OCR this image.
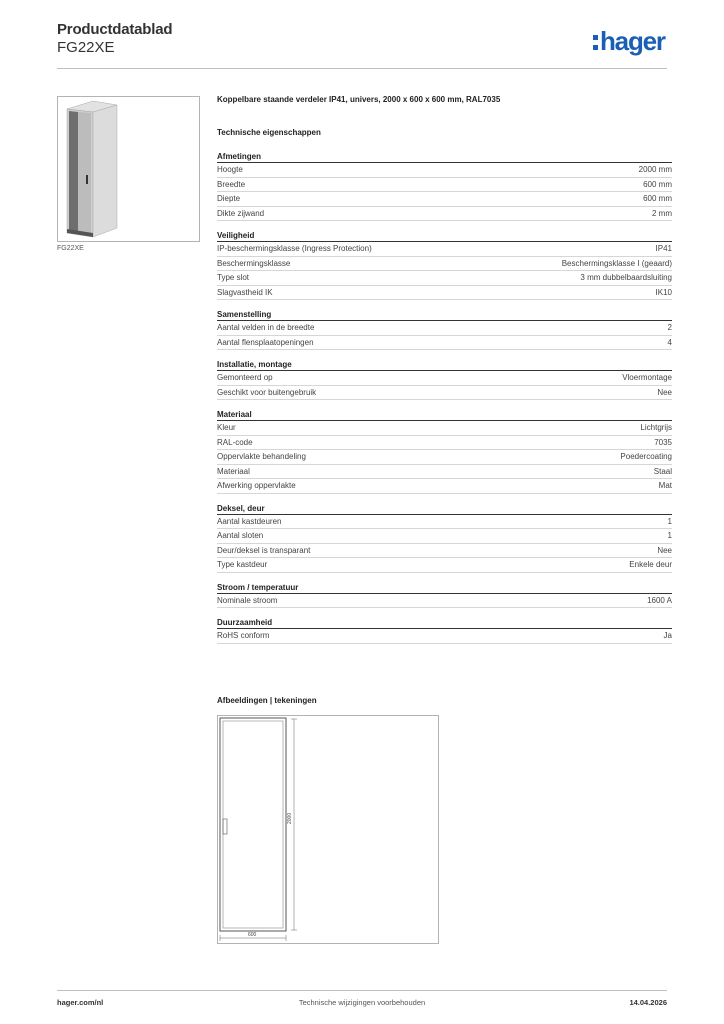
Productdatablad
FG22XE	hager
FG22XE
Koppelbare staande verdeler IP41, univers, 2000 x 600 x 600 mm, RAL7035
Technische eigenschappen
Afmetingen
Hoogte	2000 mm
Breedte	600 mm
Diepte	600 mm
Dikte zijwand	2 mm
Veiligheid
IP-beschermingsklasse (Ingress Protection)	IP41
Beschermingsklasse	Beschermingsklasse I (geaard)
Type slot	3 mm dubbelbaardsluiting
Slagvastheid IK	IK10
Samenstelling
Aantal velden in de breedte	2
Aantal flensplaatopeningen	4
Installatie, montage
Gemonteerd op	Vloermontage
Geschikt voor buitengebruik	Nee
Materiaal
Kleur	Lichtgrijs
RAL-code	7035
Oppervlakte behandeling	Poedercoating
Materiaal	Staal
Afwerking oppervlakte	Mat
Deksel, deur
Aantal kastdeuren	1
Aantal sloten	1
Deur/deksel is transparant	Nee
Type kastdeur	Enkele deur
Stroom / temperatuur
Nominale stroom	1600 A
Duurzaamheid
RoHS conform	Ja
Afbeeldingen | tekeningen
2000
600
hager.com/nl	Technische wijzigingen voorbehouden	14.04.2026
